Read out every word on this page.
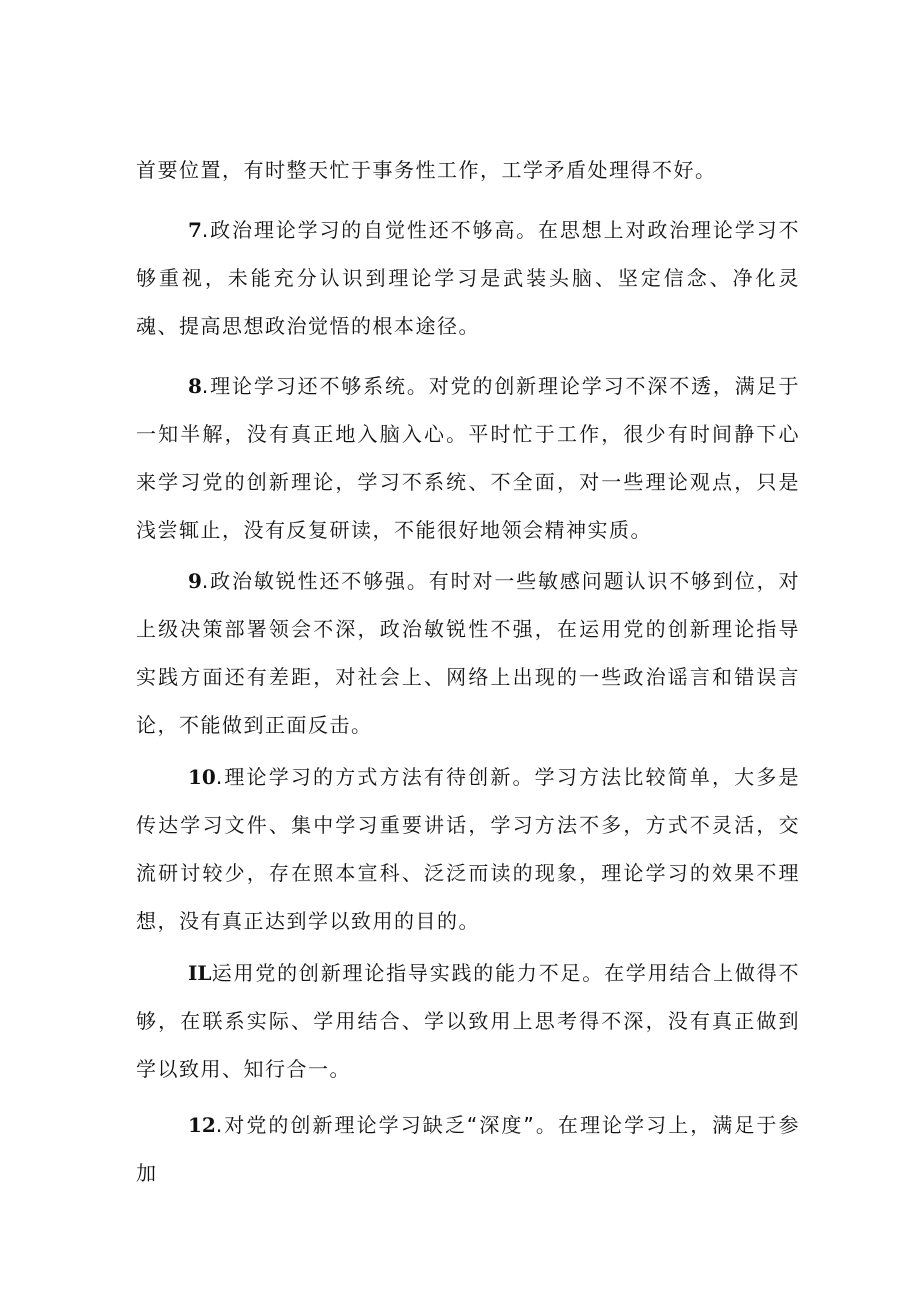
首要位置，有时整天忙于事务性工作，工学矛盾处理得不好。

7.政治理论学习的自觉性还不够高。在思想上对政治理论学习不够重视，未能充分认识到理论学习是武装头脑、坚定信念、净化灵魂、提高思想政治觉悟的根本途径。

8.理论学习还不够系统。对党的创新理论学习不深不透，满足于一知半解，没有真正地入脑入心。平时忙于工作，很少有时间静下心来学习党的创新理论，学习不系统、不全面，对一些理论观点，只是浅尝辄止，没有反复研读，不能很好地领会精神实质。

9.政治敏锐性还不够强。有时对一些敏感问题认识不够到位，对上级决策部署领会不深，政治敏锐性不强，在运用党的创新理论指导实践方面还有差距，对社会上、网络上出现的一些政治谣言和错误言论，不能做到正面反击。

10.理论学习的方式方法有待创新。学习方法比较简单，大多是传达学习文件、集中学习重要讲话，学习方法不多，方式不灵活，交流研讨较少，存在照本宣科、泛泛而读的现象，理论学习的效果不理想，没有真正达到学以致用的目的。

IL运用党的创新理论指导实践的能力不足。在学用结合上做得不够，在联系实际、学用结合、学以致用上思考得不深，没有真正做到学以致用、知行合一。

12.对党的创新理论学习缺乏“深度”。在理论学习上，满足于参加
